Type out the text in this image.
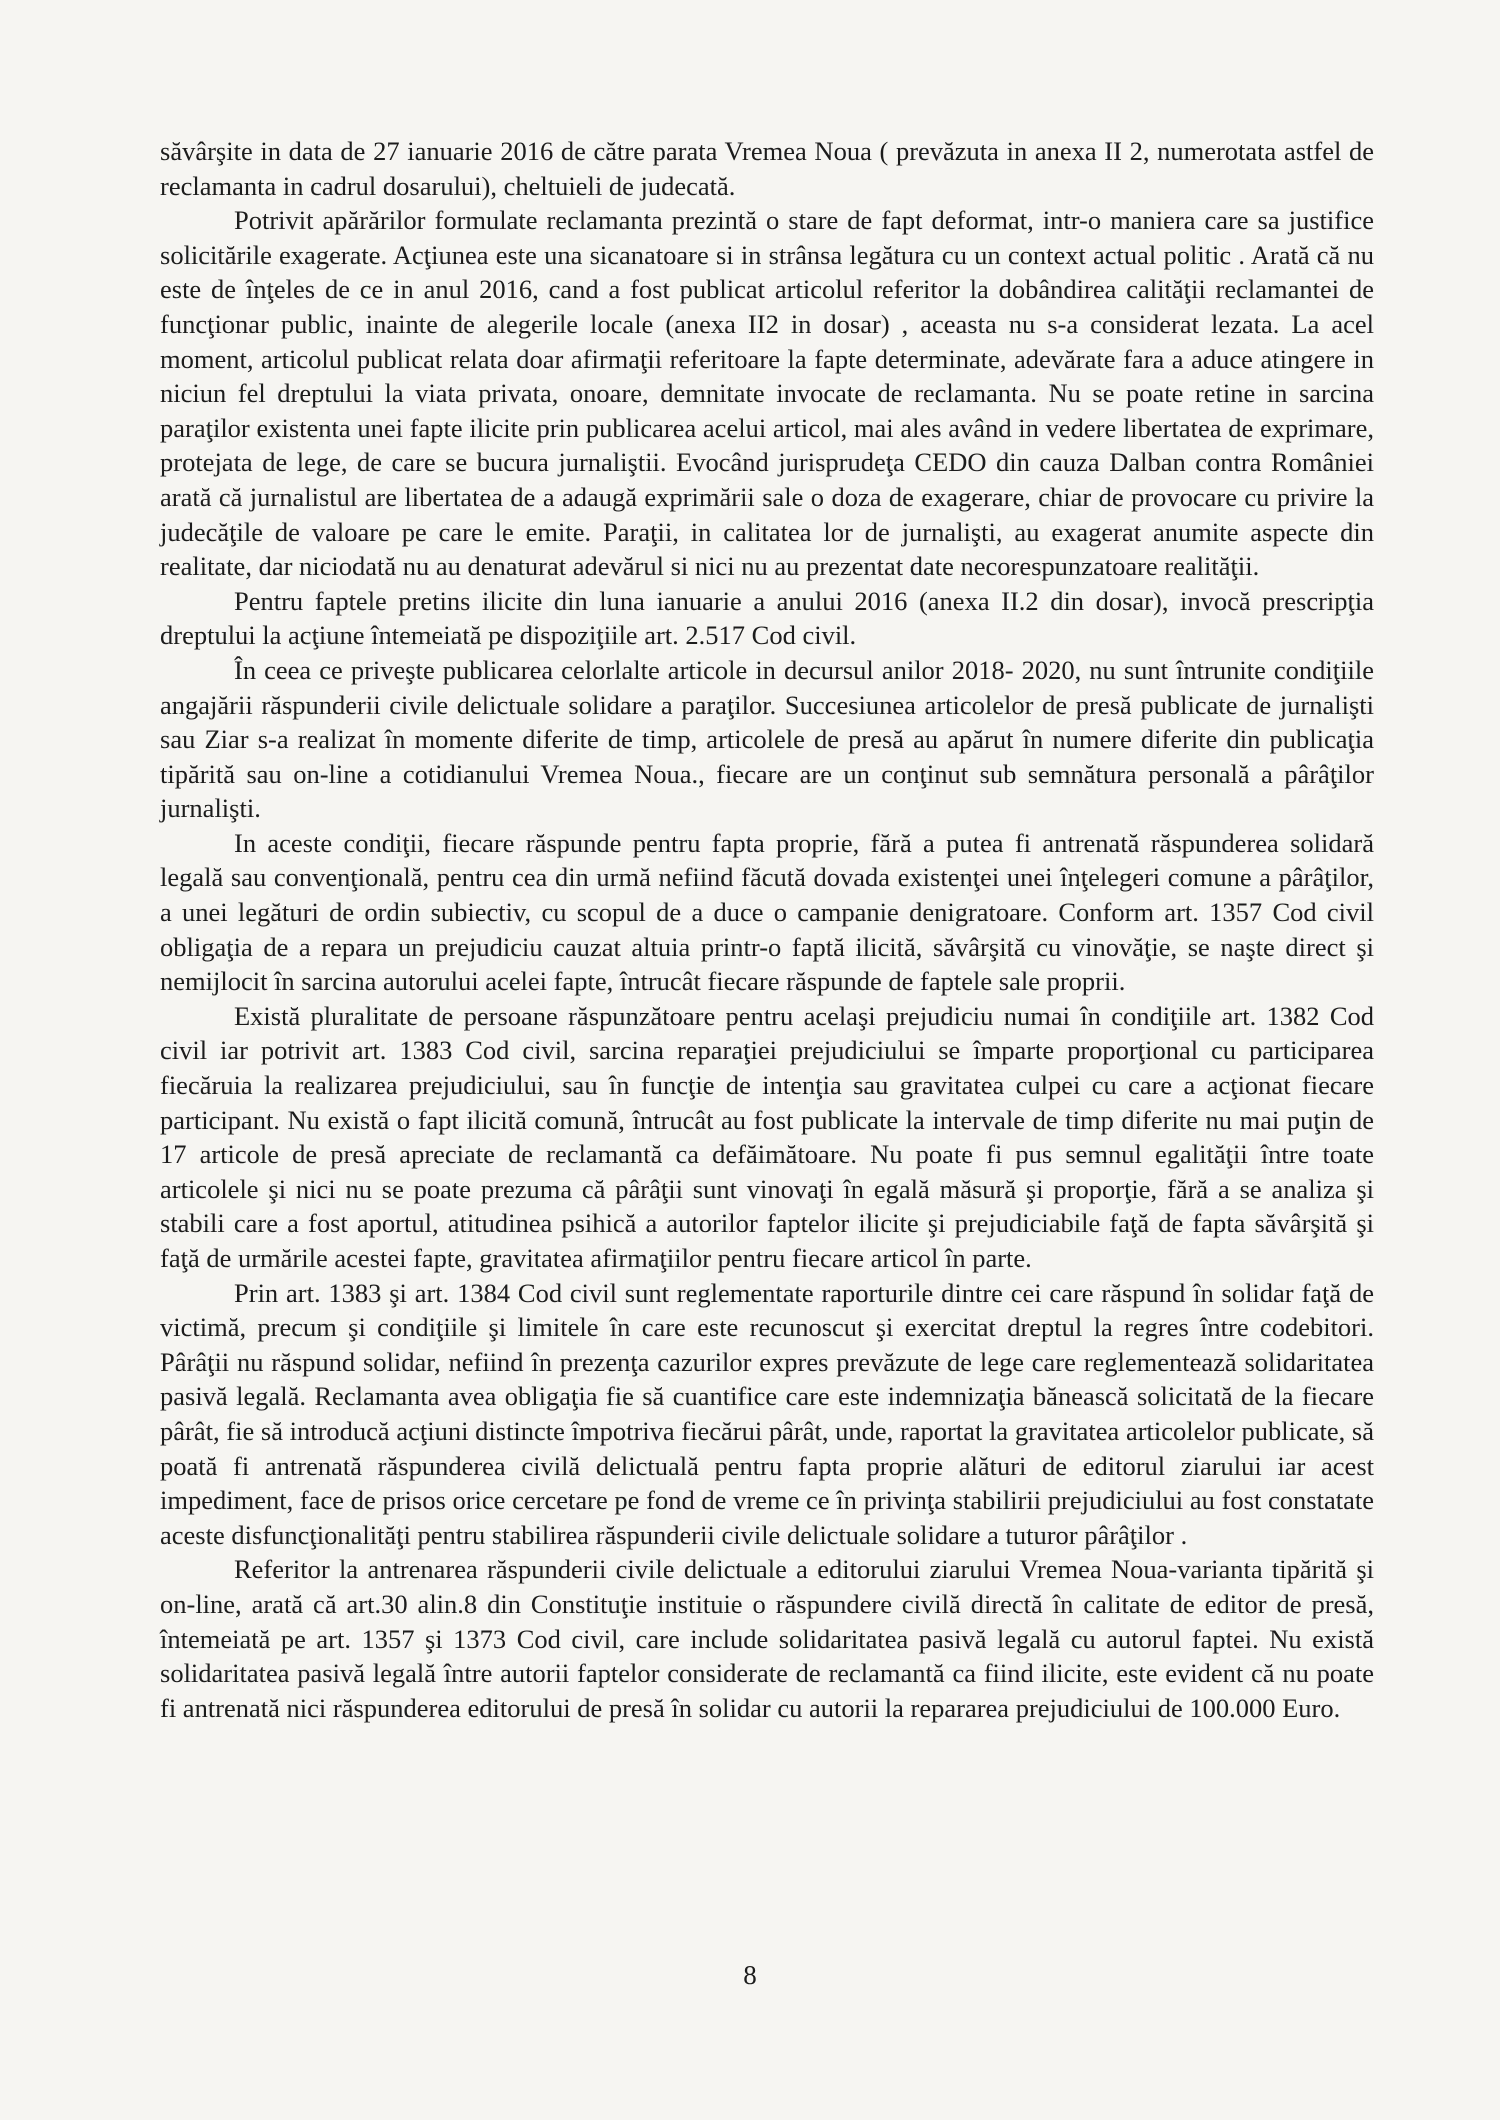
săvârşite in data de 27 ianuarie 2016 de către parata Vremea Noua ( prevăzuta in anexa II 2, numerotata astfel de reclamanta in cadrul dosarului), cheltuieli de judecată.

Potrivit apărărilor formulate reclamanta prezintă o stare de fapt deformat, intr-o maniera care sa justifice solicitările exagerate. Acţiunea este una sicanatoare si in strânsa legătura cu un context actual politic . Arată că nu este de înţeles de ce in anul 2016, cand a fost publicat articolul referitor la dobândirea calităţii reclamantei de funcţionar public, inainte de alegerile locale (anexa II2 in dosar) , aceasta nu s-a considerat lezata. La acel moment, articolul publicat relata doar afirmaţii referitoare la fapte determinate, adevărate fara a aduce atingere in niciun fel dreptului la viata privata, onoare, demnitate invocate de reclamanta. Nu se poate retine in sarcina paraţilor existenta unei fapte ilicite prin publicarea acelui articol, mai ales având in vedere libertatea de exprimare, protejata de lege, de care se bucura jurnaliştii. Evocând jurisprudeţa CEDO din cauza Dalban contra României arată că jurnalistul are libertatea de a adaugă exprimării sale o doza de exagerare, chiar de provocare cu privire la judecăţile de valoare pe care le emite. Paraţii, in calitatea lor de jurnalişti, au exagerat anumite aspecte din realitate, dar niciodată nu au denaturat adevărul si nici nu au prezentat date necorespunzatoare realităţii.

Pentru faptele pretins ilicite din luna ianuarie a anului 2016 (anexa II.2 din dosar), invocă prescripţia dreptului la acţiune întemeiată pe dispoziţiile art. 2.517 Cod civil.

În ceea ce priveşte publicarea celorlalte articole in decursul anilor 2018- 2020, nu sunt întrunite condiţiile angajării răspunderii civile delictuale solidare a paraţilor. Succesiunea articolelor de presă publicate de jurnalişti sau Ziar s-a realizat în momente diferite de timp, articolele de presă au apărut în numere diferite din publicaţia tipărită sau on-line a cotidianului Vremea Noua., fiecare are un conţinut sub semnătura personală a pârâţilor jurnalişti.

In aceste condiţii, fiecare răspunde pentru fapta proprie, fără a putea fi antrenată răspunderea solidară legală sau convenţională, pentru cea din urmă nefiind făcută dovada existenţei unei înţelegeri comune a pârâţilor, a unei legături de ordin subiectiv, cu scopul de a duce o campanie denigratoare. Conform art. 1357 Cod civil obligaţia de a repara un prejudiciu cauzat altuia printr-o faptă ilicită, săvârşită cu vinovăţie, se naşte direct şi nemijlocit în sarcina autorului acelei fapte, întrucât fiecare răspunde de faptele sale proprii.

Există pluralitate de persoane răspunzătoare pentru acelaşi prejudiciu numai în condiţiile art. 1382 Cod civil iar potrivit art. 1383 Cod civil, sarcina reparaţiei prejudiciului se împarte proporţional cu participarea fiecăruia la realizarea prejudiciului, sau în funcţie de intenţia sau gravitatea culpei cu care a acţionat fiecare participant. Nu există o fapt ilicită comună, întrucât au fost publicate la intervale de timp diferite nu mai puţin de 17 articole de presă apreciate de reclamantă ca defăimătoare. Nu poate fi pus semnul egalităţii între toate articolele şi nici nu se poate prezuma că pârâţii sunt vinovaţi în egală măsură şi proporţie, fără a se analiza şi stabili care a fost aportul, atitudinea psihică a autorilor faptelor ilicite şi prejudiciabile faţă de fapta săvârşită şi faţă de urmările acestei fapte, gravitatea afirmaţiilor pentru fiecare articol în parte.

Prin art. 1383 şi art. 1384 Cod civil sunt reglementate raporturile dintre cei care răspund în solidar faţă de victimă, precum şi condiţiile şi limitele în care este recunoscut şi exercitat dreptul la regres între codebitori. Pârâţii nu răspund solidar, nefiind în prezenţa cazurilor expres prevăzute de lege care reglementează solidaritatea pasivă legală. Reclamanta avea obligaţia fie să cuantifice care este indemnizaţia bănească solicitată de la fiecare pârât, fie să introducă acţiuni distincte împotriva fiecărui pârât, unde, raportat la gravitatea articolelor publicate, să poată fi antrenată răspunderea civilă delictuală pentru fapta proprie alături de editorul ziarului iar acest impediment, face de prisos orice cercetare pe fond de vreme ce în privinţa stabilirii prejudiciului au fost constatate aceste disfuncţionalităţi pentru stabilirea răspunderii civile delictuale solidare a tuturor pârâţilor .

Referitor la antrenarea răspunderii civile delictuale a editorului ziarului Vremea Noua-varianta tipărită şi on-line, arată că art.30 alin.8 din Constituţie instituie o răspundere civilă directă în calitate de editor de presă, întemeiată pe art. 1357 şi 1373 Cod civil, care include solidaritatea pasivă legală cu autorul faptei. Nu există solidaritatea pasivă legală între autorii faptelor considerate de reclamantă ca fiind ilicite, este evident că nu poate fi antrenată nici răspunderea editorului de presă în solidar cu autorii la repararea prejudiciului de 100.000 Euro.

8
